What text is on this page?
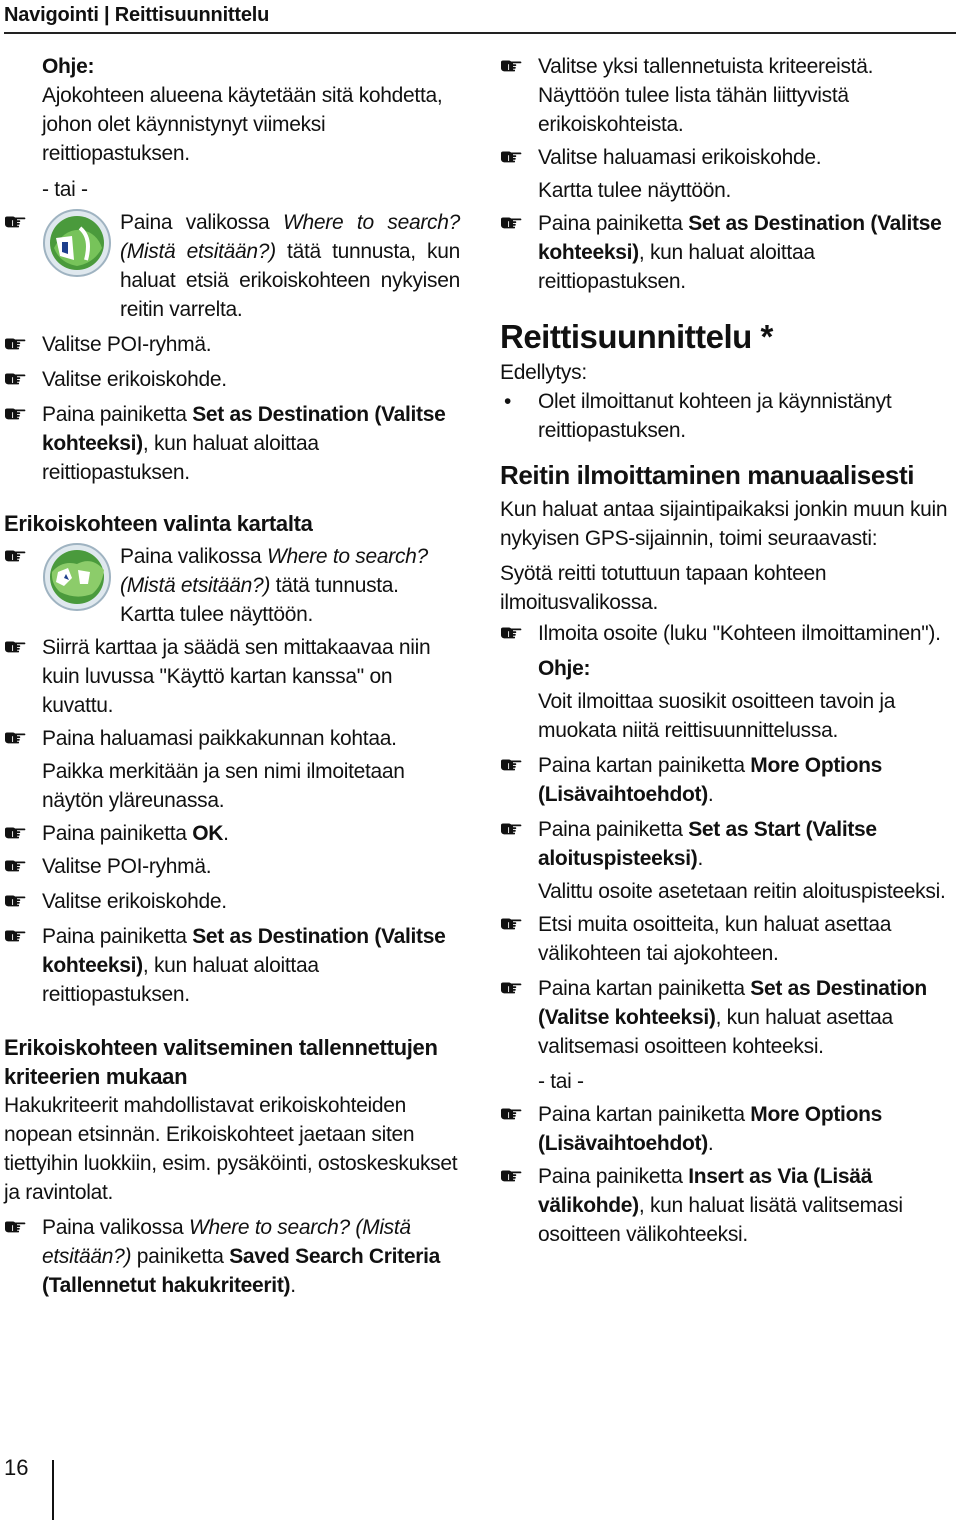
Navigointi | Reittisuunnittelu

Ohje:

Ajokohteen alueena käytetään sitä kohdetta, johon olet käynnistynyt viimeksi reittiopastuksen.

- tai -

Paina valikossa Where to search? (Mistä etsitään?) tätä tunnusta, kun haluat etsiä erikoiskohteen nykyisen reitin varrelta.
Valitse POI-ryhmä.
Valitse erikoiskohde.
Paina painiketta Set as Destination (Valitse kohteeksi), kun haluat aloittaa reittiopastuksen.

Erikoiskohteen valinta kartalta

Paina valikossa Where to search? (Mistä etsitään?) tätä tunnusta.

Kartta tulee näyttöön.

Siirrä karttaa ja säädä sen mittakaavaa niin kuin luvussa "Käyttö kartan kanssa" on kuvattu.
Paina haluamasi paikkakunnan kohtaa.

Paikka merkitään ja sen nimi ilmoitetaan näytön yläreunassa.

Paina painiketta OK.
Valitse POI-ryhmä.
Valitse erikoiskohde.
Paina painiketta Set as Destination (Valitse kohteeksi), kun haluat aloittaa reittiopastuksen.

Erikoiskohteen valitseminen tallennettujen kriteerien mukaan

Hakukriteerit mahdollistavat erikoiskohteiden nopean etsinnän. Erikoiskohteet jaetaan siten tiettyihin luokkiin, esim. pysäköinti, ostoskeskukset ja ravintolat.

Paina valikossa Where to search? (Mistä etsitään?) painiketta Saved Search Criteria (Tallennetut hakukriteerit).
Valitse yksi tallennetuista kriteereistä.

Näyttöön tulee lista tähän liittyvistä erikoiskohteista.

Valitse haluamasi erikoiskohde.

Kartta tulee näyttöön.

Paina painiketta Set as Destination (Valitse kohteeksi), kun haluat aloittaa reittiopastuksen.

Reittisuunnittelu *

Edellytys:

• Olet ilmoittanut kohteen ja käynnistänyt reittiopastuksen.

Reitin ilmoittaminen manuaalisesti

Kun haluat antaa sijaintipaikaksi jonkin muun kuin nykyisen GPS-sijainnin, toimi seuraavasti:

Syötä reitti totuttuun tapaan kohteen ilmoitusvalikossa.

Ilmoita osoite (luku "Kohteen ilmoittaminen").

Ohje:

Voit ilmoittaa suosikit osoitteen tavoin ja muokata niitä reittisuunnittelussa.

Paina kartan painiketta More Options (Lisävaihtoehdot).
Paina painiketta Set as Start (Valitse aloituspisteeksi).

Valittu osoite asetetaan reitin aloituspisteeksi.

Etsi muita osoitteita, kun haluat asettaa välikohteen tai ajokohteen.
Paina kartan painiketta Set as Destination (Valitse kohteeksi), kun haluat asettaa valitsemasi osoitteen kohteeksi.

- tai -

Paina kartan painiketta More Options (Lisävaihtoehdot).
Paina painiketta Insert as Via (Lisää välikohde), kun haluat lisätä valitsemasi osoitteen välikohteeksi.
16
